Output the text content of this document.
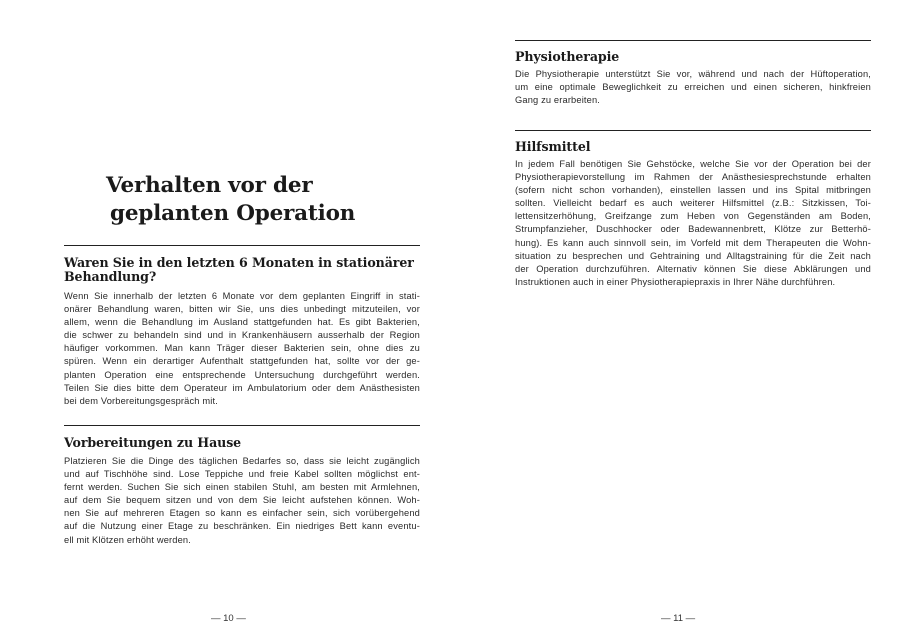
Verhalten vor der
geplanten Operation
Waren Sie in den letzten 6 Monaten in stationärer
Behandlung?

Wenn Sie innerhalb der letzten 6 Monate vor dem geplanten Eingriff in stati-
onärer Behandlung waren, bitten wir Sie, uns dies unbedingt mitzuteilen, vor
allem, wenn die Behandlung im Ausland stattgefunden hat. Es gibt Bakterien,
die schwer zu behandeln sind und in Krankenhäusern ausserhalb der Region
häufiger vorkommen. Man kann Träger dieser Bakterien sein, ohne dies zu
spüren. Wenn ein derartiger Aufenthalt stattgefunden hat, sollte vor der ge-
planten Operation eine entsprechende Untersuchung durchgeführt werden.
Teilen Sie dies bitte dem Operateur im Ambulatorium oder dem Anästhesisten
bei dem Vorbereitungsgespräch mit.

Vorbereitungen zu Hause

Platzieren Sie die Dinge des täglichen Bedarfes so, dass sie leicht zugänglich
und auf Tischhöhe sind. Lose Teppiche und freie Kabel sollten möglichst ent-
fernt werden. Suchen Sie sich einen stabilen Stuhl, am besten mit Armlehnen,
auf dem Sie bequem sitzen und von dem Sie leicht aufstehen können. Woh-
nen Sie auf mehreren Etagen so kann es einfacher sein, sich vorübergehend
auf die Nutzung einer Etage zu beschränken. Ein niedriges Bett kann eventu-
ell mit Klötzen erhöht werden.

— 10 —
Physiotherapie

Die Physiotherapie unterstützt Sie vor, während und nach der Hüftoperation,
um eine optimale Beweglichkeit zu erreichen und einen sicheren, hinkfreien
Gang zu erarbeiten.

Hilfsmittel

In jedem Fall benötigen Sie Gehstöcke, welche Sie vor der Operation bei der
Physiotherapievorstellung im Rahmen der Anästhesiesprechstunde erhalten
(sofern nicht schon vorhanden), einstellen lassen und ins Spital mitbringen
sollten. Vielleicht bedarf es auch weiterer Hilfsmittel (z.B.: Sitzkissen, Toi-
lettensitzerhöhung, Greifzange zum Heben von Gegenständen am Boden,
Strumpfanzieher, Duschhocker oder Badewannenbrett, Klötze zur Betterhö-
hung). Es kann auch sinnvoll sein, im Vorfeld mit dem Therapeuten die Wohn-
situation zu besprechen und Gehtraining und Alltagstraining für die Zeit nach
der Operation durchzuführen. Alternativ können Sie diese Abklärungen und
Instruktionen auch in einer Physiotherapiepraxis in Ihrer Nähe durchführen.

— 11 —
